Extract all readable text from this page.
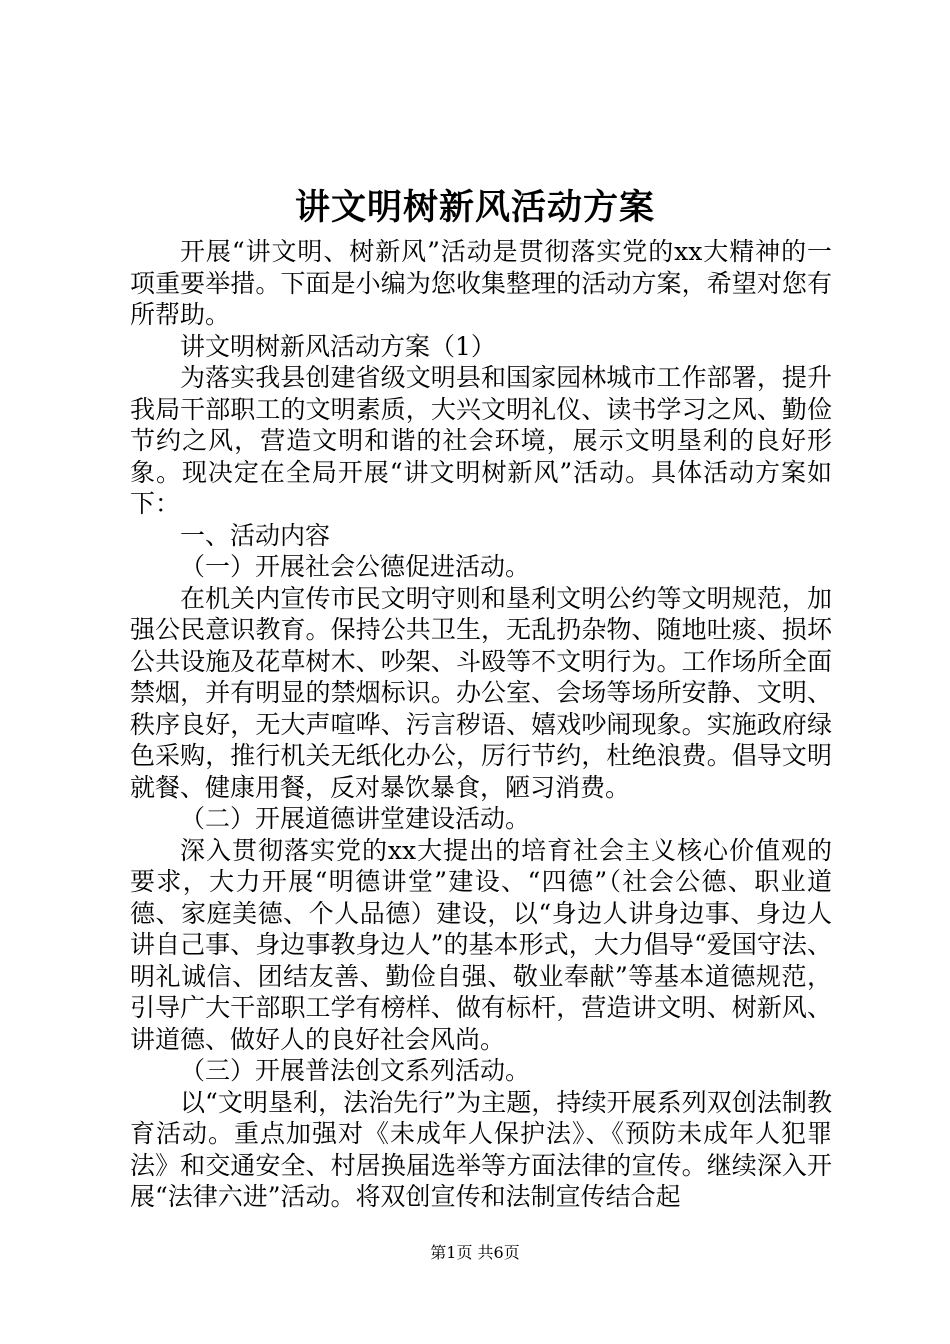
讲文明树新风活动方案

开展“讲文明、树新风”活动是贯彻落实党的xx大精神的一项重要举措。下面是小编为您收集整理的活动方案，希望对您有所帮助。

讲文明树新风活动方案（1）

为落实我县创建省级文明县和国家园林城市工作部署，提升我局干部职工的文明素质，大兴文明礼仪、读书学习之风、勤俭节约之风，营造文明和谐的社会环境，展示文明垦利的良好形象。现决定在全局开展“讲文明树新风”活动。具体活动方案如下：

一、活动内容

（一）开展社会公德促进活动。

在机关内宣传市民文明守则和垦利文明公约等文明规范，加强公民意识教育。保持公共卫生，无乱扔杂物、随地吐痰、损坏公共设施及花草树木、吵架、斗殴等不文明行为。工作场所全面禁烟，并有明显的禁烟标识。办公室、会场等场所安静、文明、秩序良好，无大声喧哗、污言秽语、嬉戏吵闹现象。实施政府绿色采购，推行机关无纸化办公，厉行节约，杜绝浪费。倡导文明就餐、健康用餐，反对暴饮暴食，陋习消费。

（二）开展道德讲堂建设活动。

深入贯彻落实党的xx大提出的培育社会主义核心价值观的要求，大力开展“明德讲堂”建设、“四德”（社会公德、职业道德、家庭美德、个人品德）建设，以“身边人讲身边事、身边人讲自己事、身边事教身边人”的基本形式，大力倡导“爱国守法、明礼诚信、团结友善、勤俭自强、敬业奉献”等基本道德规范，引导广大干部职工学有榜样、做有标杆，营造讲文明、树新风、讲道德、做好人的良好社会风尚。

（三）开展普法创文系列活动。

以“文明垦利，法治先行”为主题，持续开展系列双创法制教育活动。重点加强对《未成年人保护法》、《预防未成年人犯罪法》和交通安全、村居换届选举等方面法律的宣传。继续深入开展“法律六进”活动。将双创宣传和法制宣传结合起

第1页 共6页
